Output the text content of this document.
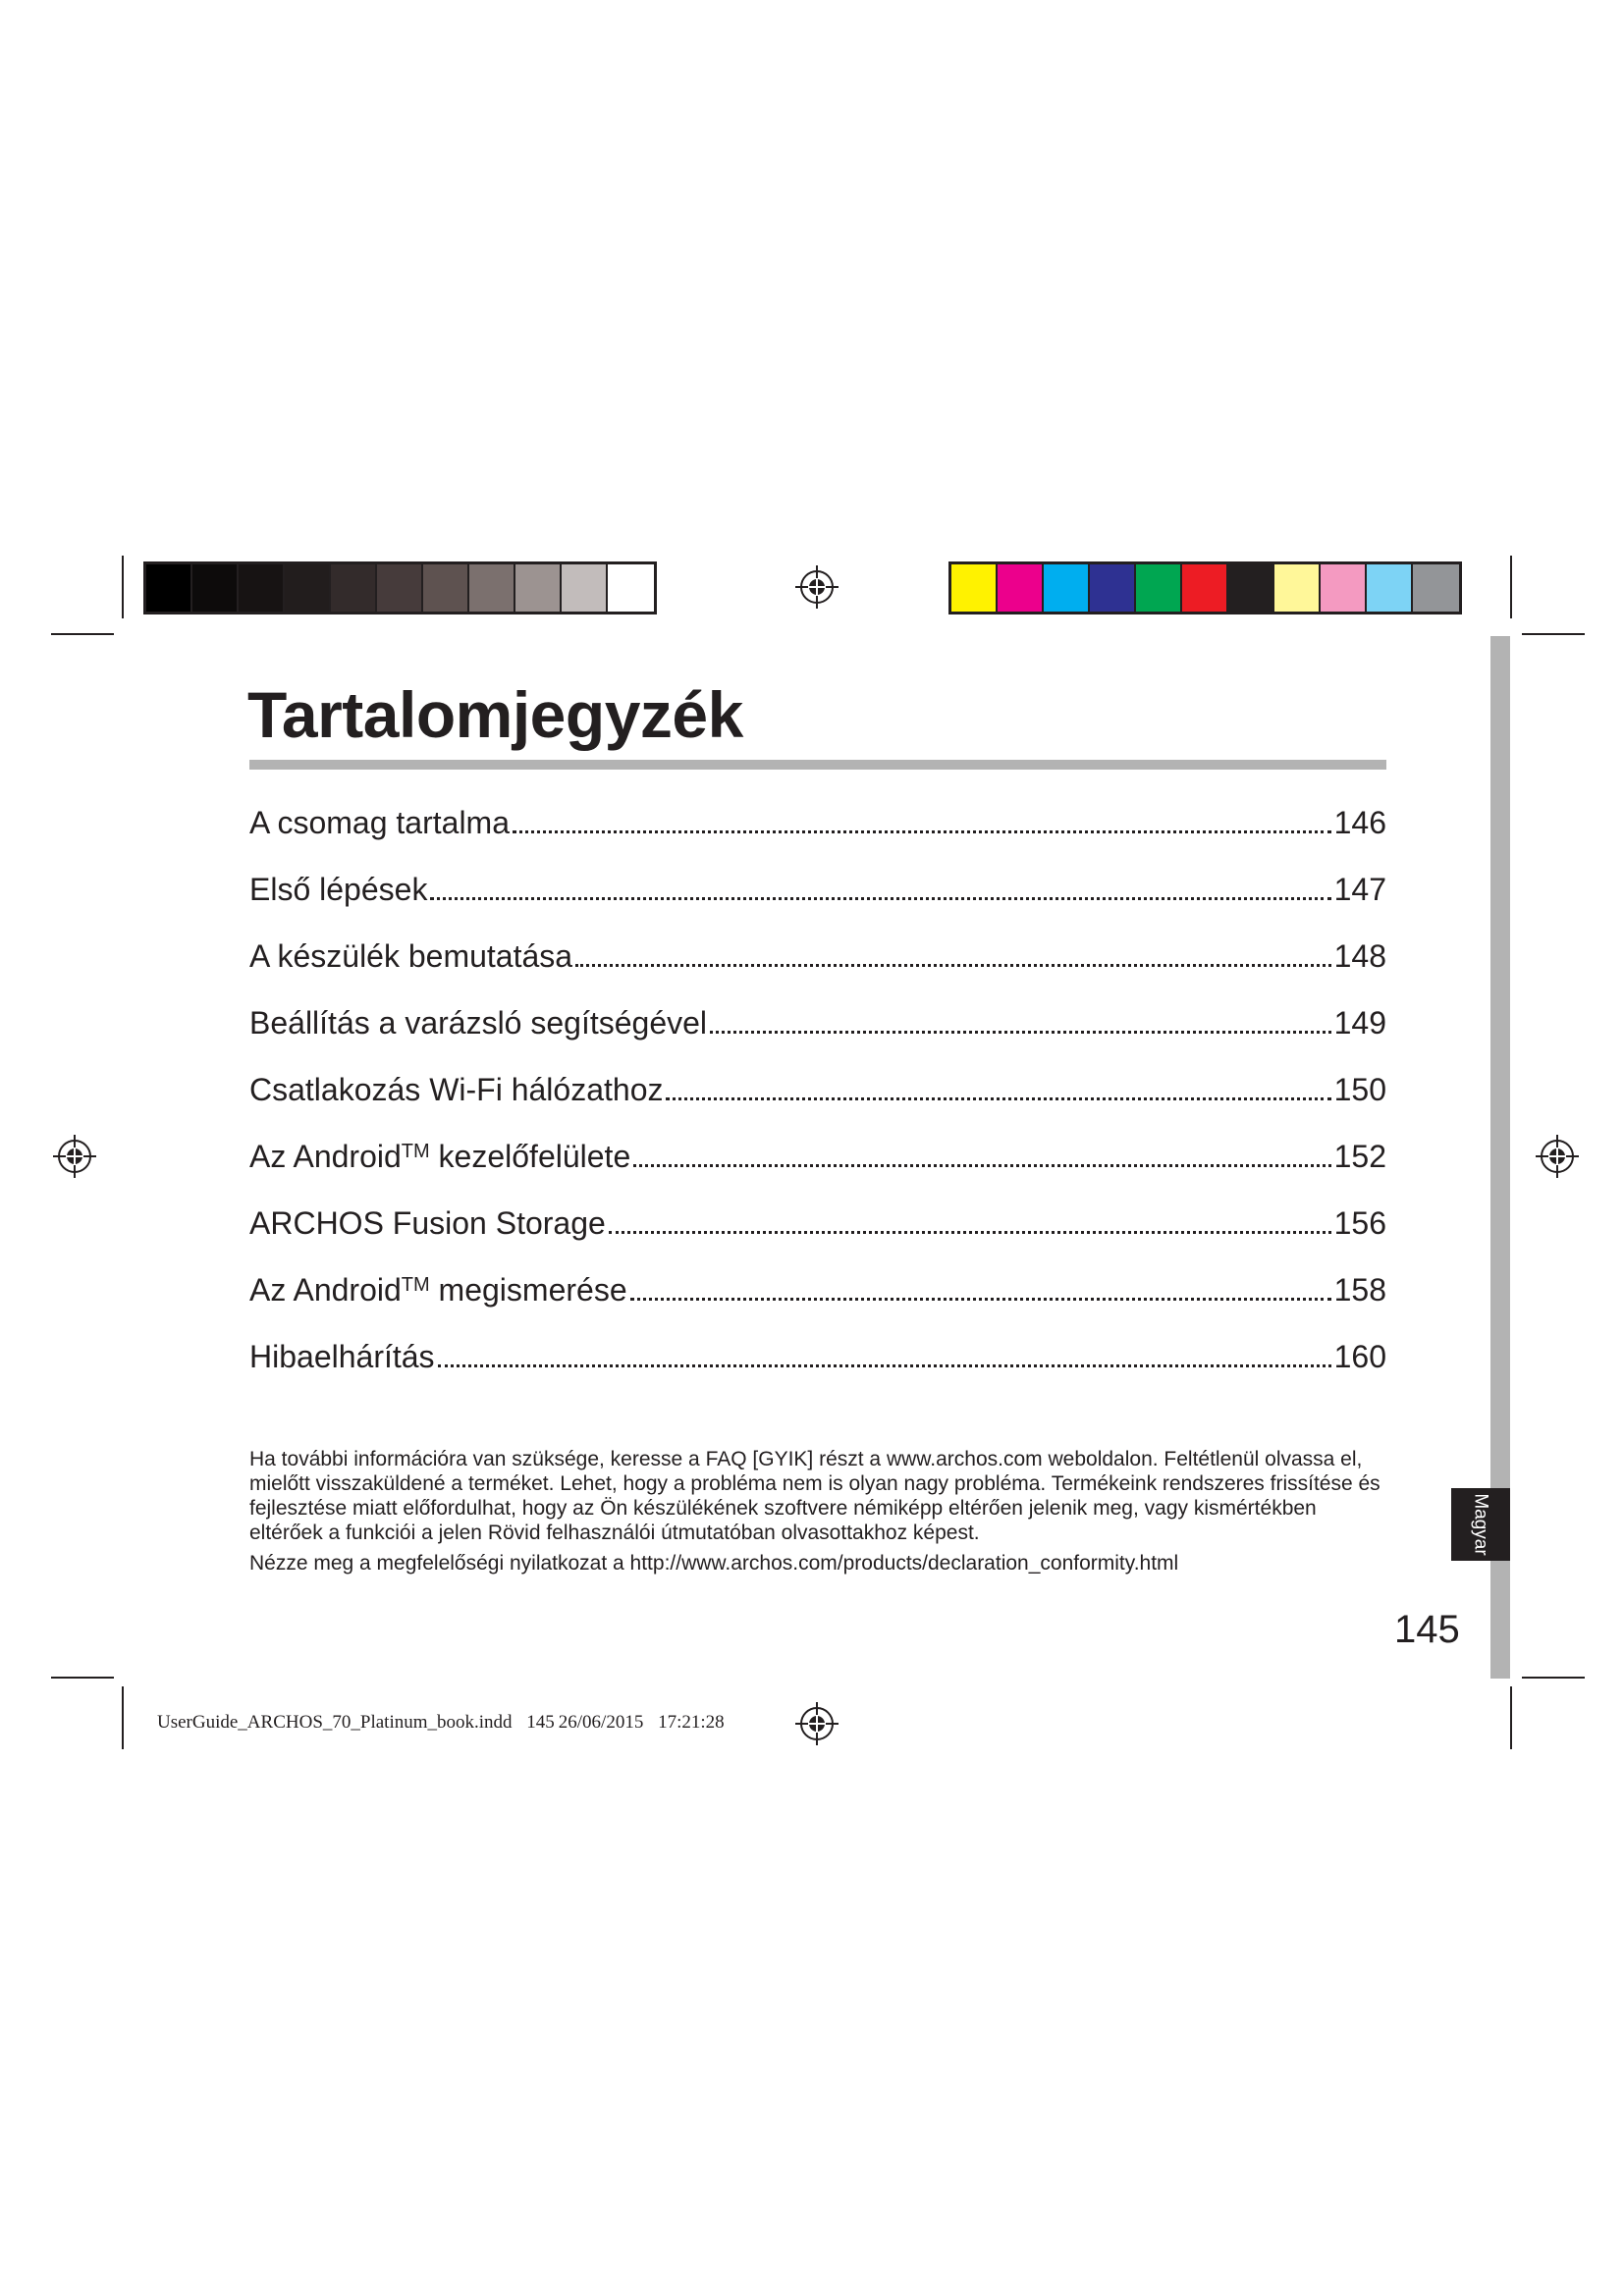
Magyar
Tartalomjegyzék
A csomag tartalma	146
Első lépések	147
A készülék bemutatása	148
Beállítás a varázsló segítségével	149
Csatlakozás Wi-Fi hálózathoz	150
Az Android™ kezelőfelülete	152
ARCHOS Fusion Storage	156
Az Android™ megismerése	158
Hibaelhárítás	160

Ha további információra van szüksége, keresse a FAQ [GYIK] részt a www.archos.com weboldalon. Feltétlenül olvassa el, mielőtt visszaküldené a terméket. Lehet, hogy a probléma nem is olyan nagy probléma. Termékeink rendszeres frissítése és fejlesztése miatt előfordulhat, hogy az Ön készülékének szoftvere némiképp eltérően jelenik meg, vagy kismértékben eltérőek a funkciói a jelen Rövid felhasználói útmutatóban olvasottakhoz képest.

Nézze meg a megfelelőségi nyilatkozat a http://www.archos.com/products/declaration_conformity.html

145
UserGuide_ARCHOS_70_Platinum_book.indd 145 26/06/2015 17:21:28
